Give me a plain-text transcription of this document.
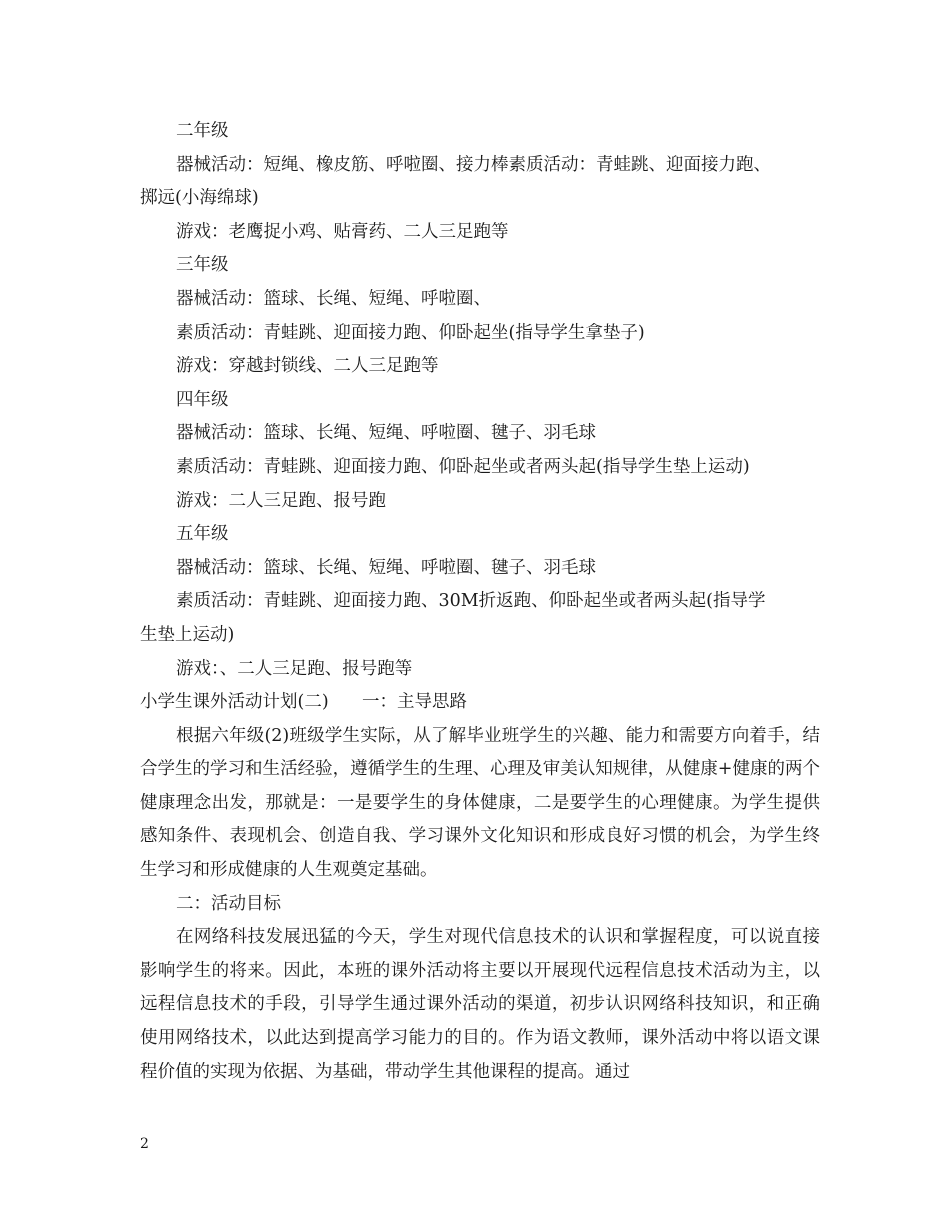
二年级
器械活动：短绳、橡皮筋、呼啦圈、接力棒素质活动：青蛙跳、迎面接力跑、
掷远(小海绵球)
游戏：老鹰捉小鸡、贴膏药、二人三足跑等
三年级
器械活动：篮球、长绳、短绳、呼啦圈、
素质活动：青蛙跳、迎面接力跑、仰卧起坐(指导学生拿垫子)
游戏：穿越封锁线、二人三足跑等
四年级
器械活动：篮球、长绳、短绳、呼啦圈、毽子、羽毛球
素质活动：青蛙跳、迎面接力跑、仰卧起坐或者两头起(指导学生垫上运动)
游戏：二人三足跑、报号跑
五年级
器械活动：篮球、长绳、短绳、呼啦圈、毽子、羽毛球
素质活动：青蛙跳、迎面接力跑、30M折返跑、仰卧起坐或者两头起(指导学
生垫上运动)
游戏：、二人三足跑、报号跑等
小学生课外活动计划(二)      一：主导思路
根据六年级(2)班级学生实际，从了解毕业班学生的兴趣、能力和需要方向着手，结合学生的学习和生活经验，遵循学生的生理、心理及审美认知规律，从健康+健康的两个健康理念出发，那就是：一是要学生的身体健康，二是要学生的心理健康。为学生提供感知条件、表现机会、创造自我、学习课外文化知识和形成良好习惯的机会，为学生终生学习和形成健康的人生观奠定基础。
二：活动目标
在网络科技发展迅猛的今天，学生对现代信息技术的认识和掌握程度，可以说直接影响学生的将来。因此，本班的课外活动将主要以开展现代远程信息技术活动为主，以远程信息技术的手段，引导学生通过课外活动的渠道，初步认识网络科技知识，和正确使用网络技术，以此达到提高学习能力的目的。作为语文教师，课外活动中将以语文课程价值的实现为依据、为基础，带动学生其他课程的提高。通过
2
